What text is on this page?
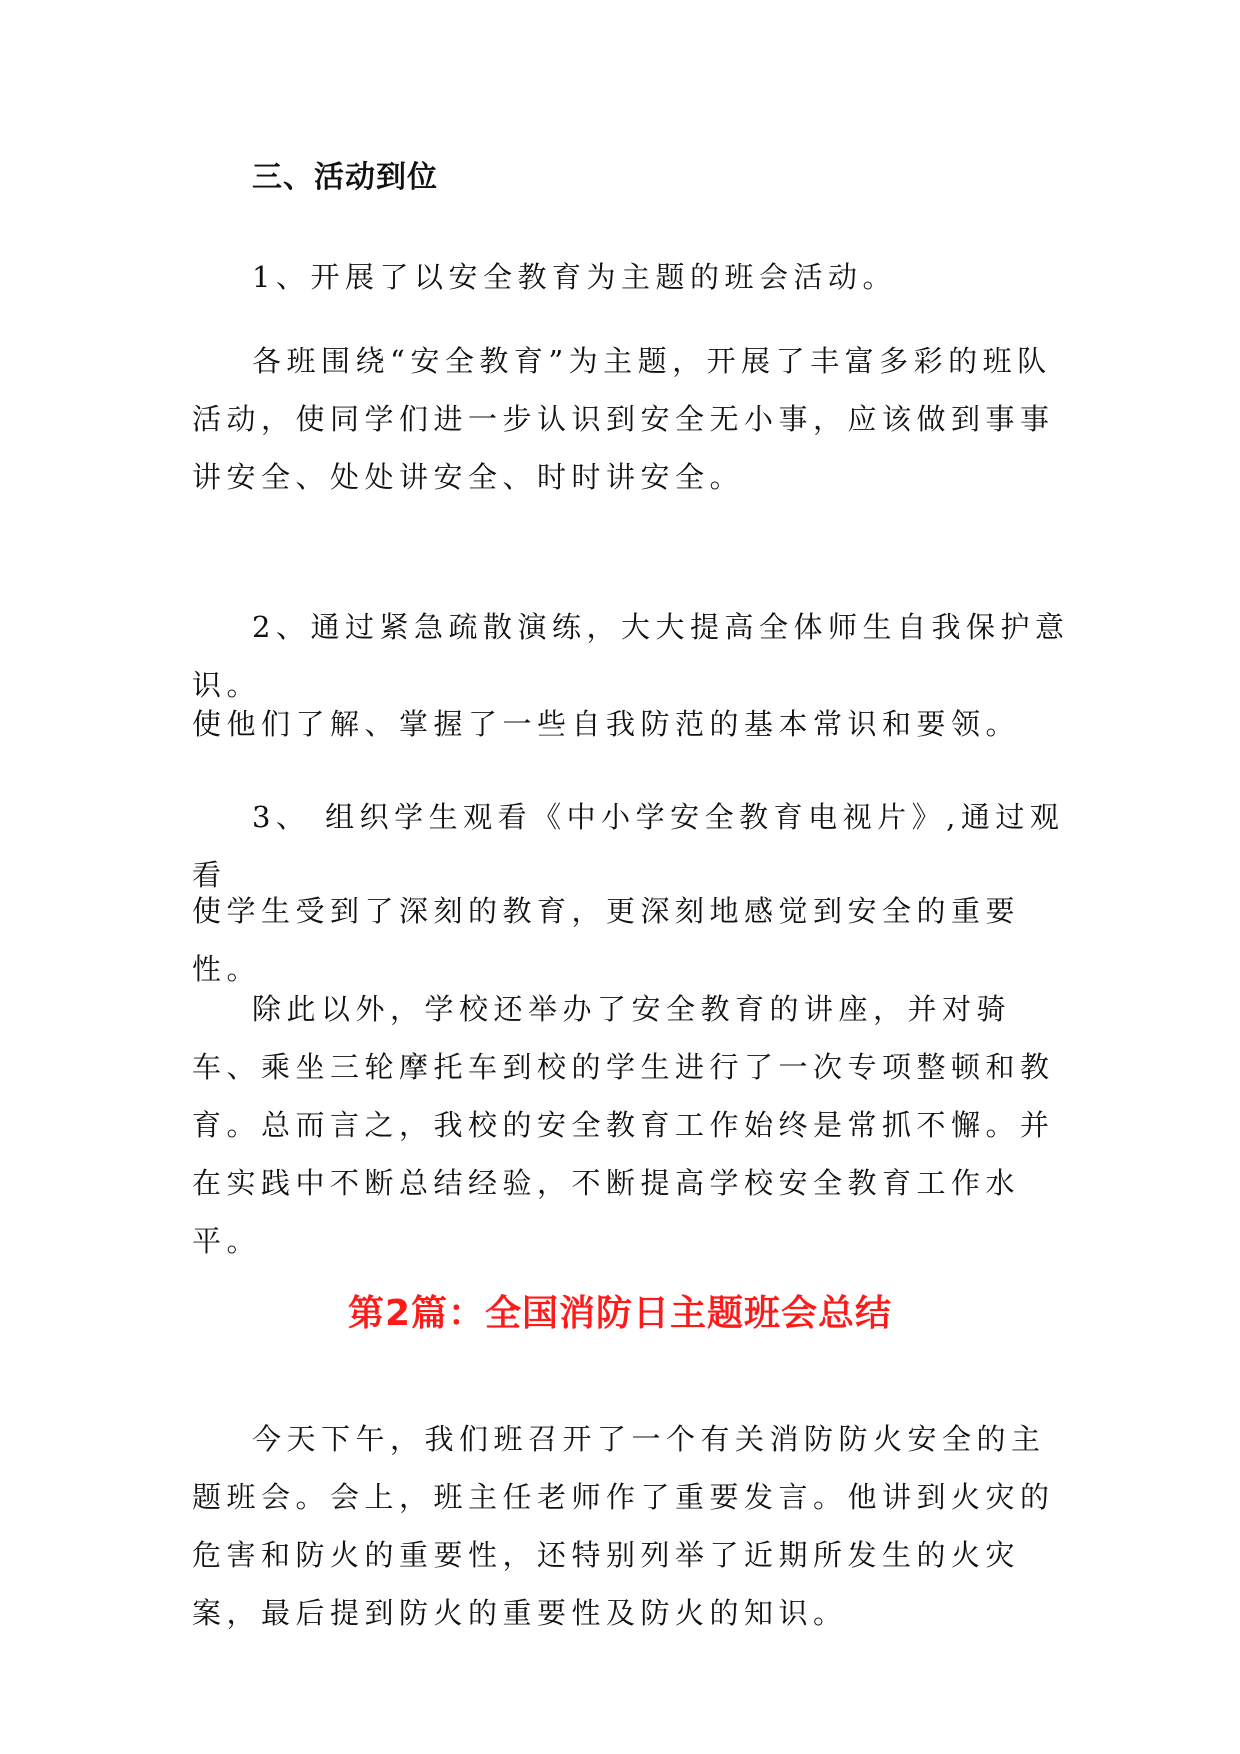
三、活动到位

1、开展了以安全教育为主题的班会活动。

各班围绕“安全教育”为主题，开展了丰富多彩的班队活动，使同学们进一步认识到安全无小事，应该做到事事讲安全、处处讲安全、时时讲安全。

2、通过紧急疏散演练，大大提高全体师生自我保护意识。

使他们了解、掌握了一些自我防范的基本常识和要领。

3、 组织学生观看《中小学安全教育电视片》,通过观看

使学生受到了深刻的教育，更深刻地感觉到安全的重要性。

除此以外，学校还举办了安全教育的讲座，并对骑车、乘坐三轮摩托车到校的学生进行了一次专项整顿和教育。总而言之，我校的安全教育工作始终是常抓不懈。并在实践中不断总结经验，不断提高学校安全教育工作水平。

第2篇：全国消防日主题班会总结

今天下午，我们班召开了一个有关消防防火安全的主题班会。会上，班主任老师作了重要发言。他讲到火灾的危害和防火的重要性，还特别列举了近期所发生的火灾案，最后提到防火的重要性及防火的知识。
